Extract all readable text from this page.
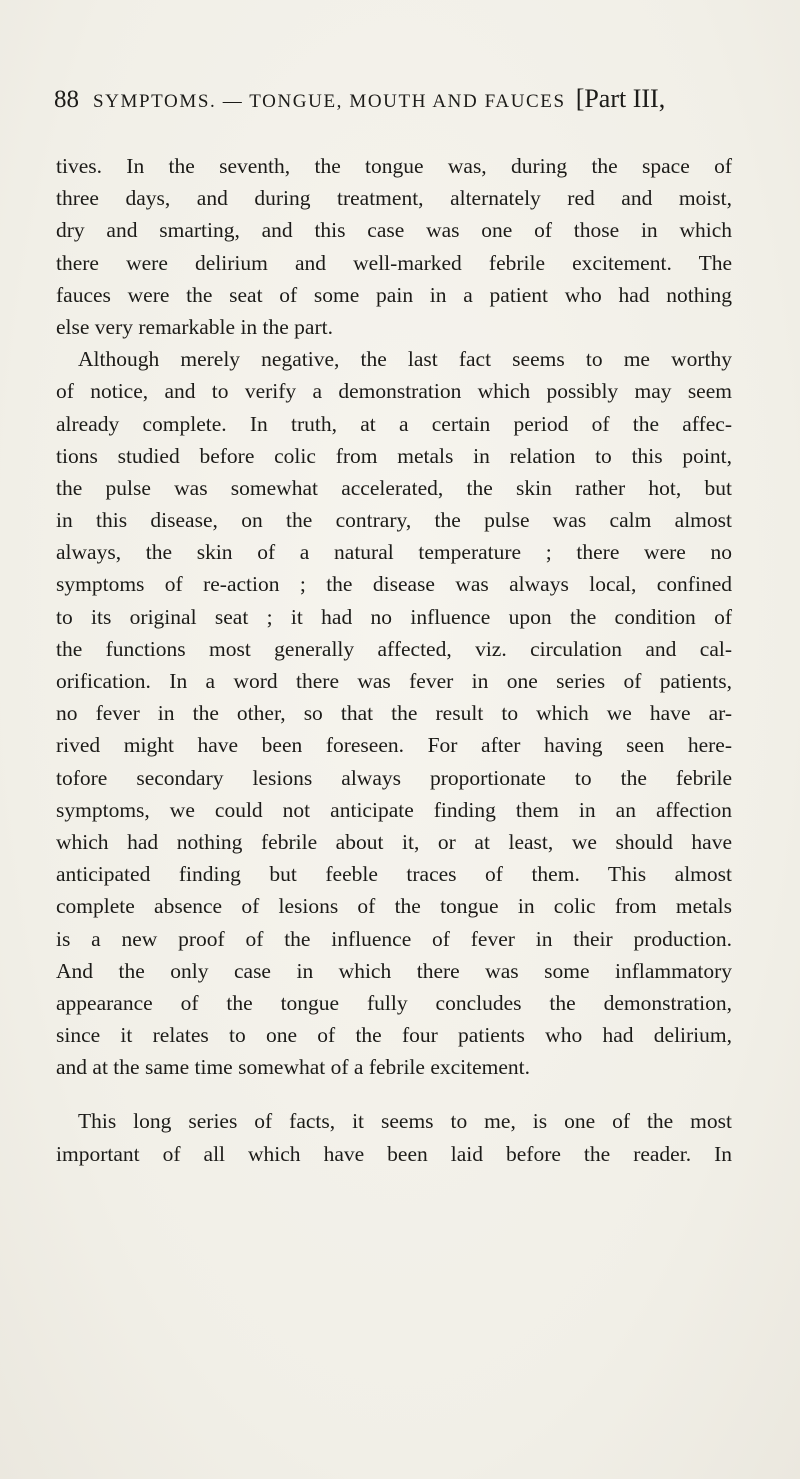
88 SYMPTOMS. — TONGUE, MOUTH AND FAUCES [Part III,
tives. In the seventh, the tongue was, during the space of
three days, and during treatment, alternately red and moist,
dry and smarting, and this case was one of those in which
there were delirium and well-marked febrile excitement. The
fauces were the seat of some pain in a patient who had nothing
else very remarkable in the part.
Although merely negative, the last fact seems to me worthy
of notice, and to verify a demonstration which possibly may seem
already complete. In truth, at a certain period of the affec-
tions studied before colic from metals in relation to this point,
the pulse was somewhat accelerated, the skin rather hot, but
in this disease, on the contrary, the pulse was calm almost
always, the skin of a natural temperature ; there were no
symptoms of re-action ; the disease was always local, confined
to its original seat ; it had no influence upon the condition of
the functions most generally affected, viz. circulation and cal-
orification. In a word there was fever in one series of patients,
no fever in the other, so that the result to which we have ar-
rived might have been foreseen. For after having seen here-
tofore secondary lesions always proportionate to the febrile
symptoms, we could not anticipate finding them in an affection
which had nothing febrile about it, or at least, we should have
anticipated finding but feeble traces of them. This almost
complete absence of lesions of the tongue in colic from metals
is a new proof of the influence of fever in their production.
And the only case in which there was some inflammatory
appearance of the tongue fully concludes the demonstration,
since it relates to one of the four patients who had delirium,
and at the same time somewhat of a febrile excitement.
This long series of facts, it seems to me, is one of the most
important of all which have been laid before the reader. In
